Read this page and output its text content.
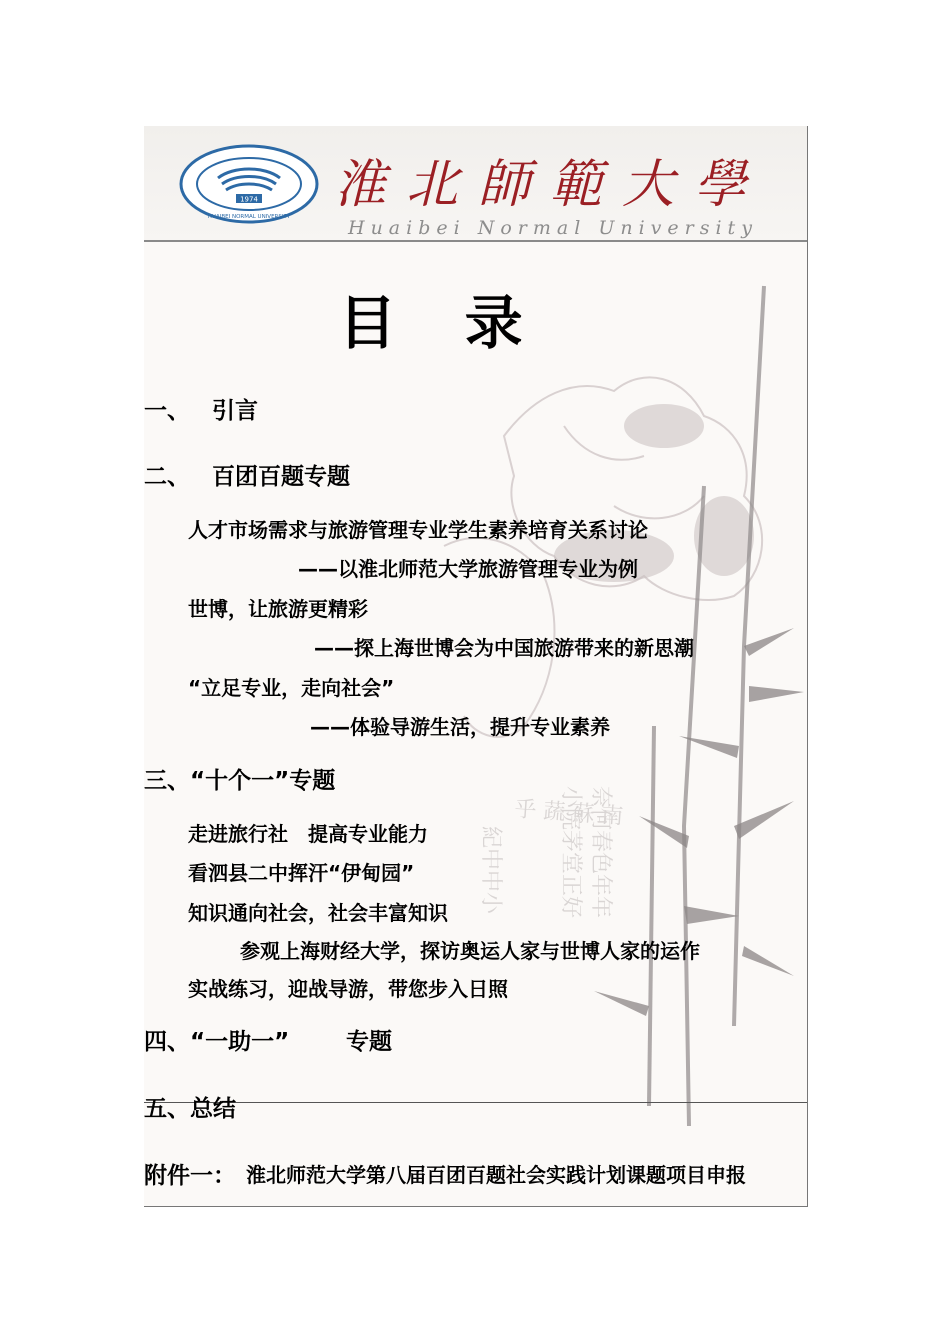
乎 蔬 蘇 南
小院茅堂正好 奈何春色年年
紀中中小
1974
HUAIBEI NORMAL UNIVERSITY
淮北師範大學
Huaibei Normal University
目 录
一、 引言
二、 百团百题专题
人才市场需求与旅游管理专业学生素养培育关系讨论
——以淮北师范大学旅游管理专业为例
世博，让旅游更精彩
——探上海世博会为中国旅游带来的新思潮
“立足专业，走向社会”
——体验导游生活，提升专业素养
三、“十个一”专题
走进旅行社　提高专业能力
看泗县二中挥汗“伊甸园”
知识通向社会，社会丰富知识
参观上海财经大学，探访奥运人家与世博人家的运作
实战练习，迎战导游，带您步入日照
四、“一助一” 专题
五、总结
附件一： 淮北师范大学第八届百团百题社会实践计划课题项目申报
